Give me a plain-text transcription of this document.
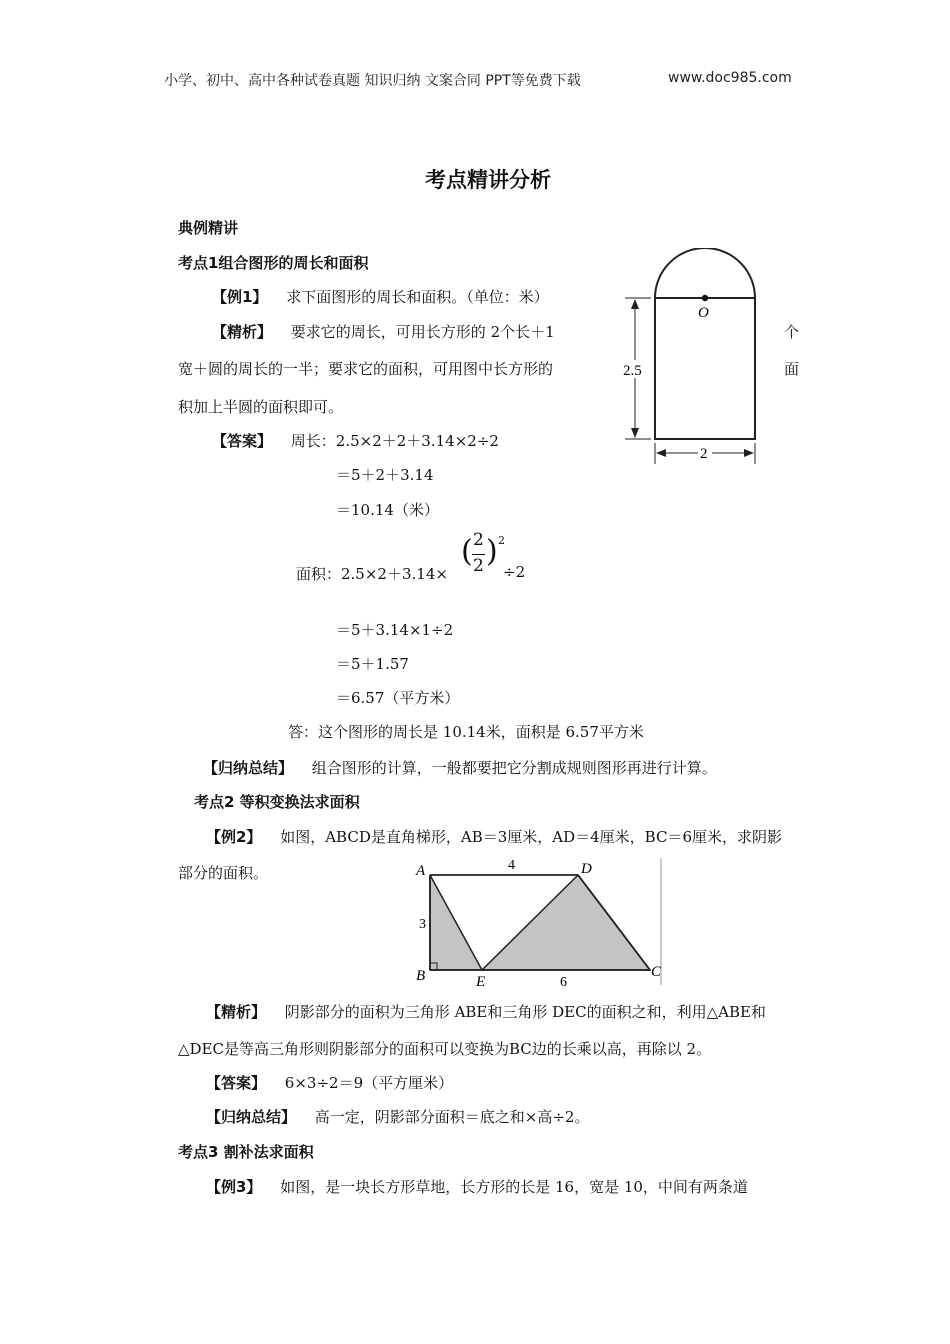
小学、初中、高中各种试卷真题 知识归纳 文案合同 PPT等免费下载	www.doc985.com
考点精讲分析
典例精讲
考点1组合图形的周长和面积
【例1】 求下面图形的周长和面积。（单位：米）
【精析】 要求它的周长，可用长方形的 2个长＋1	个
宽＋圆的周长的一半；要求它的面积，可用图中长方形的	面
积加上半圆的面积即可。
【答案】 周长：2.5×2＋2＋3.14×2÷2
＝5＋2＋3.14
＝10.14（米）
面积：2.5×2＋3.14×
( 2
2 ) 2
÷2
＝5＋3.14×1÷2
＝5＋1.57
＝6.57（平方米）
答：这个图形的周长是 10.14米，面积是 6.57平方米
【归纳总结】 组合图形的计算，一般都要把它分割成规则图形再进行计算。
O
2.5
2
考点2 等积变换法求面积
【例2】 如图，ABCD是直角梯形，AB＝3厘米，AD＝4厘米，BC＝6厘米，求阴影
部分的面积。	A
B	C
D
E
4
3
6
【精析】 阴影部分的面积为三角形 ABE和三角形 DEC的面积之和，利用△ABE和
△DEC是等高三角形则阴影部分的面积可以变换为BC边的长乘以高，再除以 2。
【答案】 6×3÷2＝9（平方厘米）
【归纳总结】 高一定，阴影部分面积＝底之和×高÷2。
考点3 割补法求面积
【例3】 如图，是一块长方形草地，长方形的长是 16，宽是 10，中间有两条道
